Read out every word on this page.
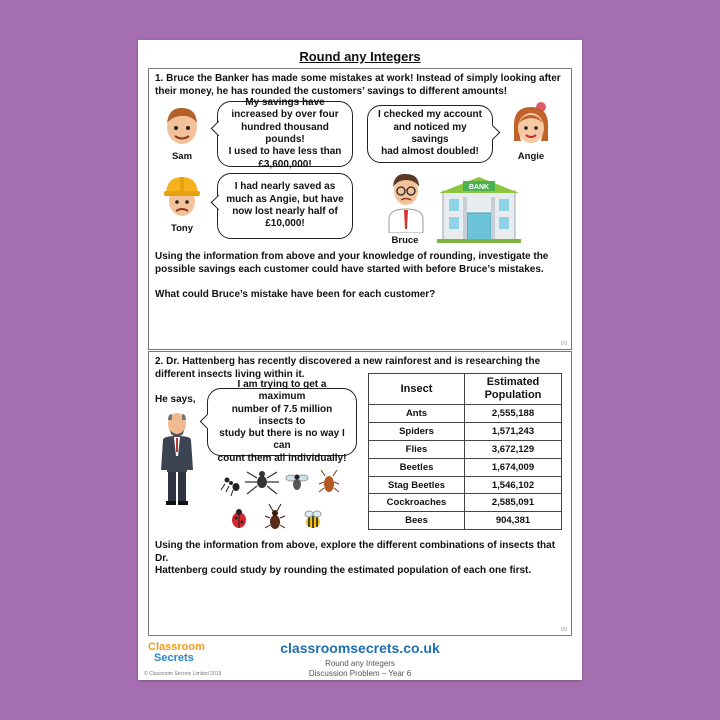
Round any Integers
1. Bruce the Banker has made some mistakes at work! Instead of simply looking after
their money, he has rounded the customers’ savings to different amounts!
Sam
My savings have
increased by over four
hundred thousand pounds!
I used to have less than
£3,600,000!
I checked my account
and noticed my savings
had almost doubled!	Angie
Tony
I had nearly saved as
much as Angie, but have
now lost nearly half of
£10,000!
Bruce
BANK
Using the information from above and your knowledge of rounding, investigate the
possible savings each customer could have started with before Bruce’s mistakes.
What could Bruce’s mistake have been for each customer?
D9
2. Dr. Hattenberg has recently discovered a new rainforest and is researching the
different insects living within it.
He says,
I am trying to get a maximum
number of 7.5 million insects to
study but there is no way I can
count them all individually!
Insect	Estimated
Population

Ants	2,555,188
Spiders	1,571,243
Flies	3,672,129
Beetles	1,674,009
Stag Beetles	1,546,102
Cockroaches	2,585,091
Bees	904,381
Using the information from above, explore the different combinations of insects that Dr.
Hattenberg could study by rounding the estimated population of each one first.
D9
Classroom
Secrets
classroomsecrets.co.uk
Round any Integers
Discussion Problem – Year 6
© Classroom Secrets Limited 2019
